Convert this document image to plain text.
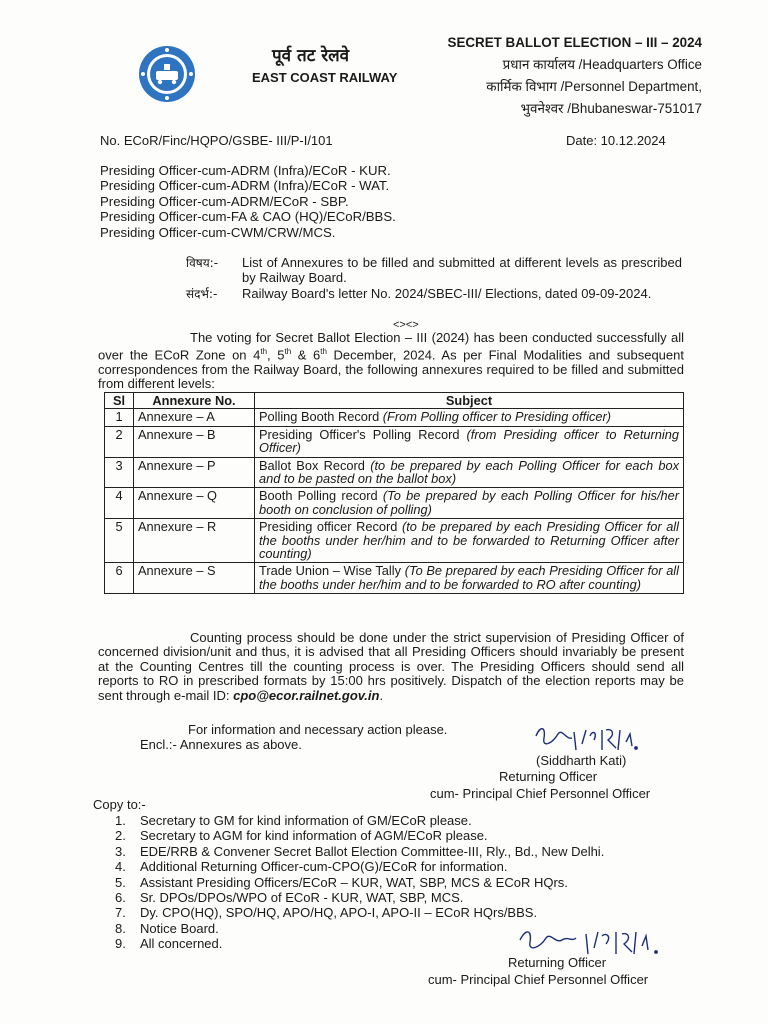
पूर्व तट रेलवे
EAST COAST RAILWAY
SECRET BALLOT ELECTION – III – 2024
प्रधान कार्यालय /Headquarters Office
कार्मिक विभाग /Personnel Department,
भुवनेश्वर /Bhubaneswar-751017
No. ECoR/Finc/HQPO/GSBE- III/P-I/101	Date: 10.12.2024
Presiding Officer-cum-ADRM (Infra)/ECoR - KUR.
Presiding Officer-cum-ADRM (Infra)/ECoR - WAT.
Presiding Officer-cum-ADRM/ECoR - SBP.
Presiding Officer-cum-FA & CAO (HQ)/ECoR/BBS.
Presiding Officer-cum-CWM/CRW/MCS.
विषय:-	List of Annexures to be filled and submitted at different levels as prescribed by Railway Board.
संदर्भ:-	Railway Board's letter No. 2024/SBEC-III/ Elections, dated 09-09-2024.
<><>
The voting for Secret Ballot Election – III (2024) has been conducted successfully all over the ECoR Zone on 4th, 5th & 6th December, 2024. As per Final Modalities and subsequent correspondences from the Railway Board, the following annexures required to be filled and submitted from different levels:
Sl	Annexure No.	Subject
1	Annexure – A	Polling Booth Record (From Polling officer to Presiding officer)
2	Annexure – B	Presiding Officer's Polling Record (from Presiding officer to Returning Officer)
3	Annexure – P	Ballot Box Record (to be prepared by each Polling Officer for each box and to be pasted on the ballot box)
4	Annexure – Q	Booth Polling record (To be prepared by each Polling Officer for his/her booth on conclusion of polling)
5	Annexure – R	Presiding officer Record (to be prepared by each Presiding Officer for all the booths under her/him and to be forwarded to Returning Officer after counting)
6	Annexure – S	Trade Union – Wise Tally (To Be prepared by each Presiding Officer for all the booths under her/him and to be forwarded to RO after counting)
Counting process should be done under the strict supervision of Presiding Officer of concerned division/unit and thus, it is advised that all Presiding Officers should invariably be present at the Counting Centres till the counting process is over. The Presiding Officers should send all reports to RO in prescribed formats by 15:00 hrs positively. Dispatch of the election reports may be sent through e-mail ID: cpo@ecor.railnet.gov.in.
For information and necessary action please.
Encl.:- Annexures as above.
(Siddharth Kati)
Returning Officer
cum- Principal Chief Personnel Officer
Copy to:-
1. Secretary to GM for kind information of GM/ECoR please.
2. Secretary to AGM for kind information of AGM/ECoR please.
3. EDE/RRB & Convener Secret Ballot Election Committee-III, Rly., Bd., New Delhi.
4. Additional Returning Officer-cum-CPO(G)/ECoR for information.
5. Assistant Presiding Officers/ECoR – KUR, WAT, SBP, MCS & ECoR HQrs.
6. Sr. DPOs/DPOs/WPO of ECoR - KUR, WAT, SBP, MCS.
7. Dy. CPO(HQ), SPO/HQ, APO/HQ, APO-I, APO-II – ECoR HQrs/BBS.
8. Notice Board.
9. All concerned.
Returning Officer
cum- Principal Chief Personnel Officer
